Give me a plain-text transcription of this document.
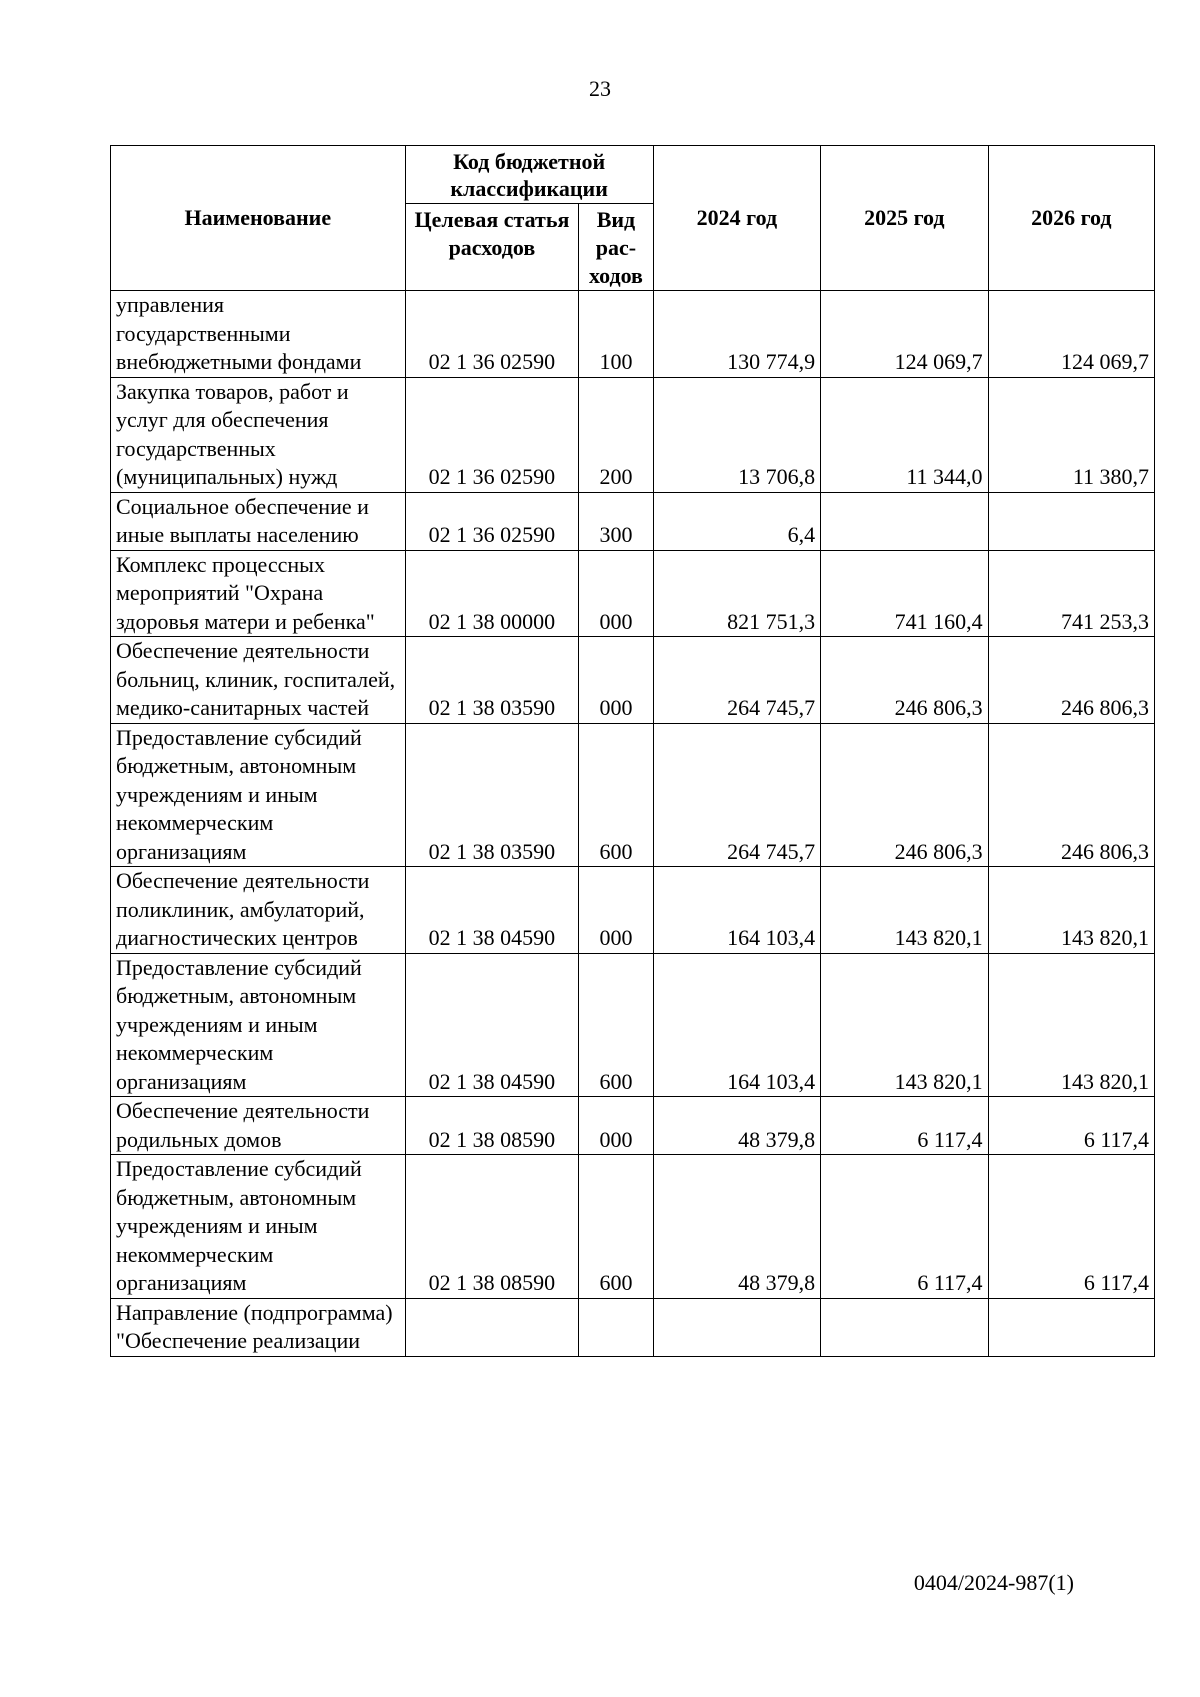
23
Наименование	Код бюджетной классификации		2024 год	2025 год	2026 год
	Целевая статья расходов	Вид рас-ходов			
управления государственными внебюджетными фондами	02 1 36 02590	100	130 774,9	124 069,7	124 069,7
Закупка товаров, работ и услуг для обеспечения государственных (муниципальных) нужд	02 1 36 02590	200	13 706,8	11 344,0	11 380,7
Социальное обеспечение и иные выплаты населению	02 1 36 02590	300	6,4		
Комплекс процессных мероприятий "Охрана здоровья матери и ребенка"	02 1 38 00000	000	821 751,3	741 160,4	741 253,3
Обеспечение деятельности больниц, клиник, госпиталей, медико-санитарных частей	02 1 38 03590	000	264 745,7	246 806,3	246 806,3
Предоставление субсидий бюджетным, автономным учреждениям и иным некоммерческим организациям	02 1 38 03590	600	264 745,7	246 806,3	246 806,3
Обеспечение деятельности поликлиник, амбулаторий, диагностических центров	02 1 38 04590	000	164 103,4	143 820,1	143 820,1
Предоставление субсидий бюджетным, автономным учреждениям и иным некоммерческим организациям	02 1 38 04590	600	164 103,4	143 820,1	143 820,1
Обеспечение деятельности родильных домов	02 1 38 08590	000	48 379,8	6 117,4	6 117,4
Предоставление субсидий бюджетным, автономным учреждениям и иным некоммерческим организациям	02 1 38 08590	600	48 379,8	6 117,4	6 117,4
Направление (подпрограмма) "Обеспечение реализации					
0404/2024-987(1)
